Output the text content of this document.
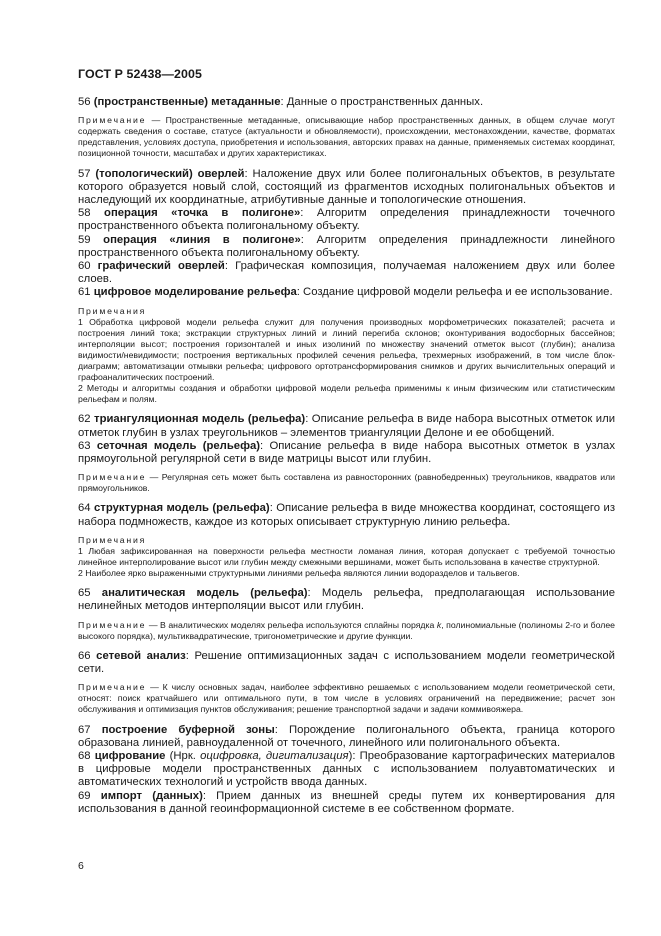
ГОСТ Р 52438—2005

56 (пространственные) метаданные: Данные о пространственных данных.

Примечание — Пространственные метаданные, описывающие набор пространственных данных, в общем случае могут содержать сведения о составе, статусе (актуальности и обновляемости), происхождении, местонахождении, качестве, форматах представления, условиях доступа, приобретения и использования, авторских правах на данные, применяемых системах координат, позиционной точности, масштабах и других характеристиках.

57 (топологический) оверлей: Наложение двух или более полигональных объектов, в результате которого образуется новый слой, состоящий из фрагментов исходных полигональных объектов и наследующий их координатные, атрибутивные данные и топологические отношения.

58 операция «точка в полигоне»: Алгоритм определения принадлежности точечного пространственного объекта полигональному объекту.

59 операция «линия в полигоне»: Алгоритм определения принадлежности линейного пространственного объекта полигональному объекту.

60 графический оверлей: Графическая композиция, получаемая наложением двух или более слоев.

61 цифровое моделирование рельефа: Создание цифровой модели рельефа и ее использование.

Примечания

1 Обработка цифровой модели рельефа служит для получения производных морфометрических показателей; расчета и построения линий тока; экстракции структурных линий и линий перегиба склонов; оконтуривания водосборных бассейнов; интерполяции высот; построения горизонталей и иных изолиний по множеству значений отметок высот (глубин); анализа видимости/невидимости; построения вертикальных профилей сечения рельефа, трехмерных изображений, в том числе блок-диаграмм; автоматизации отмывки рельефа; цифрового ортотрансформирования снимков и других вычислительных операций и графоаналитических построений.

2 Методы и алгоритмы создания и обработки цифровой модели рельефа применимы к иным физическим или статистическим рельефам и полям.

62 триангуляционная модель (рельефа): Описание рельефа в виде набора высотных отметок или отметок глубин в узлах треугольников – элементов триангуляции Делоне и ее обобщений.

63 сеточная модель (рельефа): Описание рельефа в виде набора высотных отметок в узлах прямоугольной регулярной сети в виде матрицы высот или глубин.

Примечание — Регулярная сеть может быть составлена из равносторонних (равнобедренных) треугольников, квадратов или прямоугольников.

64 структурная модель (рельефа): Описание рельефа в виде множества координат, состоящего из набора подмножеств, каждое из которых описывает структурную линию рельефа.

Примечания

1 Любая зафиксированная на поверхности рельефа местности ломаная линия, которая допускает с требуемой точностью линейное интерполирование высот или глубин между смежными вершинами, может быть использована в качестве структурной.

2 Наиболее ярко выраженными структурными линиями рельефа являются линии водоразделов и тальвегов.

65 аналитическая модель (рельефа): Модель рельефа, предполагающая использование нелинейных методов интерполяции высот или глубин.

Примечание — В аналитических моделях рельефа используются сплайны порядка k, полиномиальные (полиномы 2-го и более высокого порядка), мультиквадратические, тригонометрические и другие функции.

66 сетевой анализ: Решение оптимизационных задач с использованием модели геометрической сети.

Примечание — К числу основных задач, наиболее эффективно решаемых с использованием модели геометрической сети, относят: поиск кратчайшего или оптимального пути, в том числе в условиях ограничений на передвижение; расчет зон обслуживания и оптимизация пунктов обслуживания; решение транспортной задачи и задачи коммивояжера.

67 построение буферной зоны: Порождение полигонального объекта, граница которого образована линией, равноудаленной от точечного, линейного или полигонального объекта.

68 цифрование (Нрк. оцифровка, дигитализация): Преобразование картографических материалов в цифровые модели пространственных данных с использованием полуавтоматических и автоматических технологий и устройств ввода данных.

69 импорт (данных): Прием данных из внешней среды путем их конвертирования для использования в данной геоинформационной системе в ее собственном формате.

6
